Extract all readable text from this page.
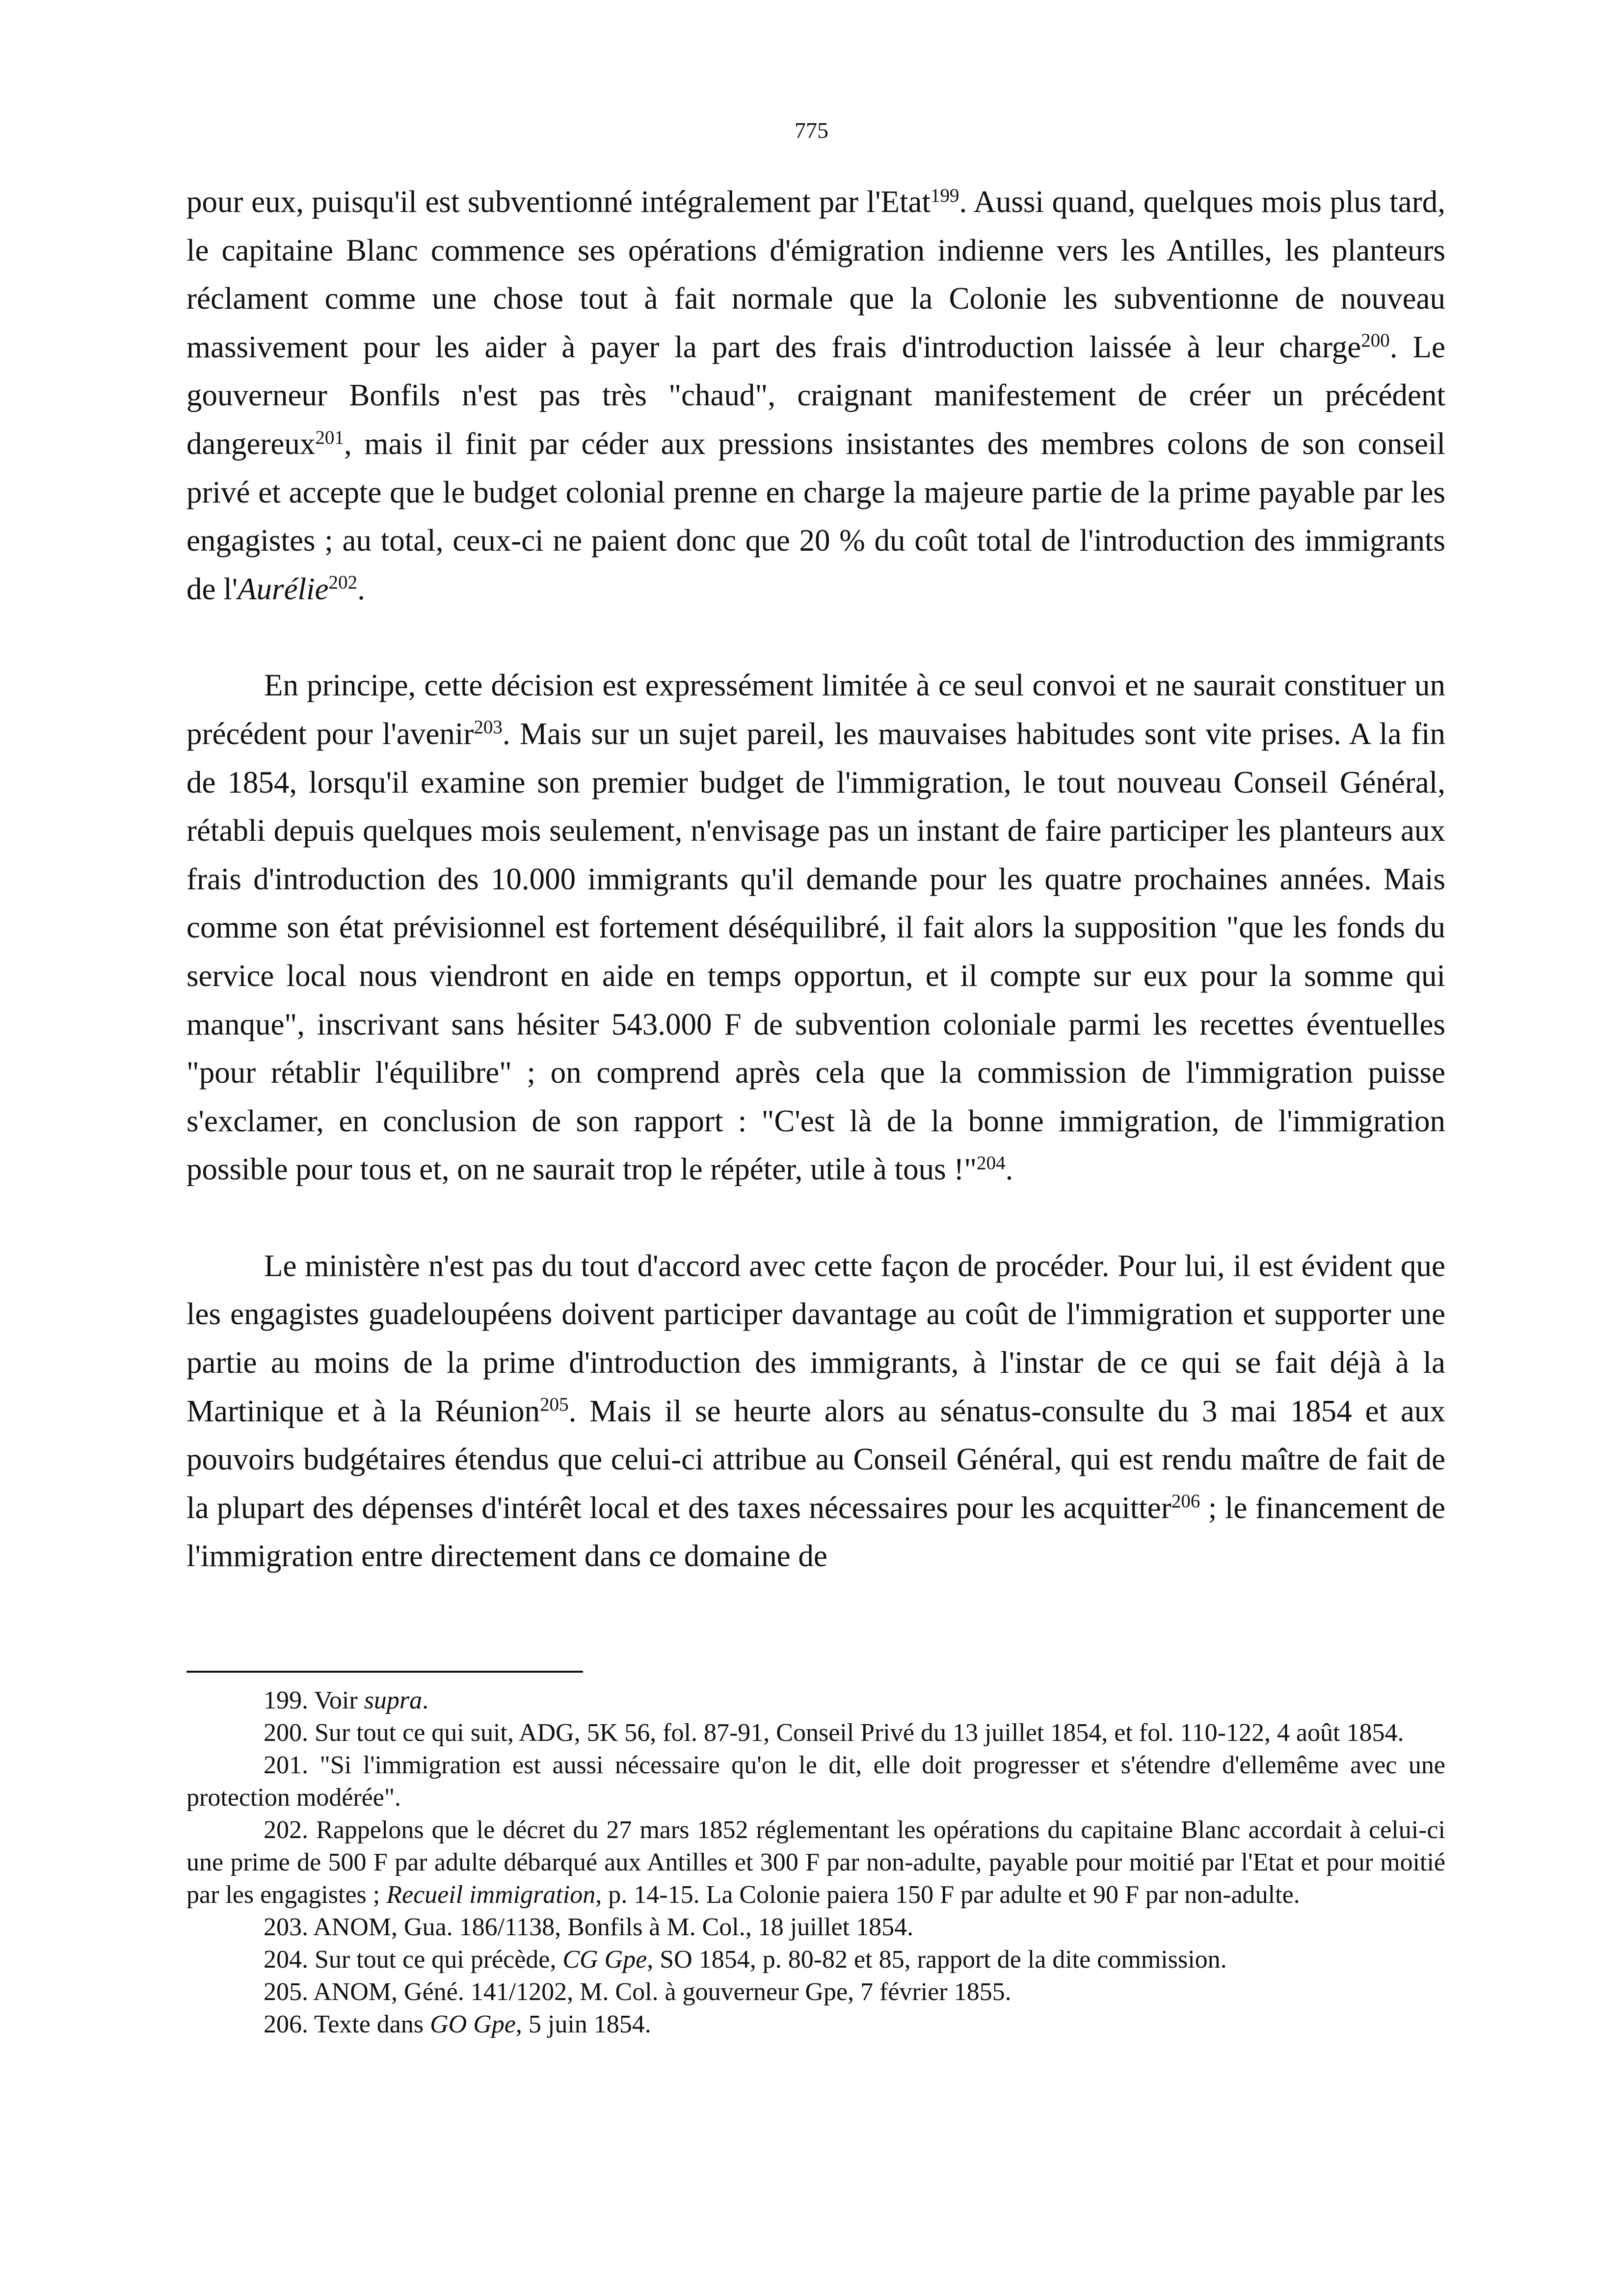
775

pour eux, puisqu'il est subventionné intégralement par l'Etat$^{199}$. Aussi quand, quelques mois plus tard, le capitaine Blanc commence ses opérations d'émigration indienne vers les Antilles, les planteurs réclament comme une chose tout à fait normale que la Colonie les subventionne de nouveau massivement pour les aider à payer la part des frais d'introduction laissée à leur charge$^{200}$. Le gouverneur Bonfils n'est pas très "chaud", craignant manifestement de créer un précédent dangereux$^{201}$, mais il finit par céder aux pressions insistantes des membres colons de son conseil privé et accepte que le budget colonial prenne en charge la majeure partie de la prime payable par les engagistes ; au total, ceux-ci ne paient donc que 20 % du coût total de l'introduction des immigrants de l'Aurélie$^{202}$.

En principe, cette décision est expressément limitée à ce seul convoi et ne saurait constituer un précédent pour l'avenir$^{203}$. Mais sur un sujet pareil, les mauvaises habitudes sont vite prises. A la fin de 1854, lorsqu'il examine son premier budget de l'immigration, le tout nouveau Conseil Général, rétabli depuis quelques mois seulement, n'envisage pas un instant de faire participer les planteurs aux frais d'introduction des 10.000 immigrants qu'il demande pour les quatre prochaines années. Mais comme son état prévisionnel est fortement déséquilibré, il fait alors la supposition "que les fonds du service local nous viendront en aide en temps opportun, et il compte sur eux pour la somme qui manque", inscrivant sans hésiter 543.000 F de subvention coloniale parmi les recettes éventuelles "pour rétablir l'équilibre" ; on comprend après cela que la commission de l'immigration puisse s'exclamer, en conclusion de son rapport : "C'est là de la bonne immigration, de l'immigration possible pour tous et, on ne saurait trop le répéter, utile à tous !"$^{204}$.

Le ministère n'est pas du tout d'accord avec cette façon de procéder. Pour lui, il est évident que les engagistes guadeloupéens doivent participer davantage au coût de l'immigration et supporter une partie au moins de la prime d'introduction des immigrants, à l'instar de ce qui se fait déjà à la Martinique et à la Réunion$^{205}$. Mais il se heurte alors au sénatus-consulte du 3 mai 1854 et aux pouvoirs budgétaires étendus que celui-ci attribue au Conseil Général, qui est rendu maître de fait de la plupart des dépenses d'intérêt local et des taxes nécessaires pour les acquitter$^{206}$ ; le financement de l'immigration entre directement dans ce domaine de

199. Voir supra.

200. Sur tout ce qui suit, ADG, 5K 56, fol. 87-91, Conseil Privé du 13 juillet 1854, et fol. 110-122, 4 août 1854.

201. "Si l'immigration est aussi nécessaire qu'on le dit, elle doit progresser et s'étendre d'ellemême avec une protection modérée".

202. Rappelons que le décret du 27 mars 1852 réglementant les opérations du capitaine Blanc accordait à celui-ci une prime de 500 F par adulte débarqué aux Antilles et 300 F par non-adulte, payable pour moitié par l'Etat et pour moitié par les engagistes ; Recueil immigration, p. 14-15. La Colonie paiera 150 F par adulte et 90 F par non-adulte.

203. ANOM, Gua. 186/1138, Bonfils à M. Col., 18 juillet 1854.

204. Sur tout ce qui précède, CG Gpe, SO 1854, p. 80-82 et 85, rapport de la dite commission.

205. ANOM, Géné. 141/1202, M. Col. à gouverneur Gpe, 7 février 1855.

206. Texte dans GO Gpe, 5 juin 1854.
